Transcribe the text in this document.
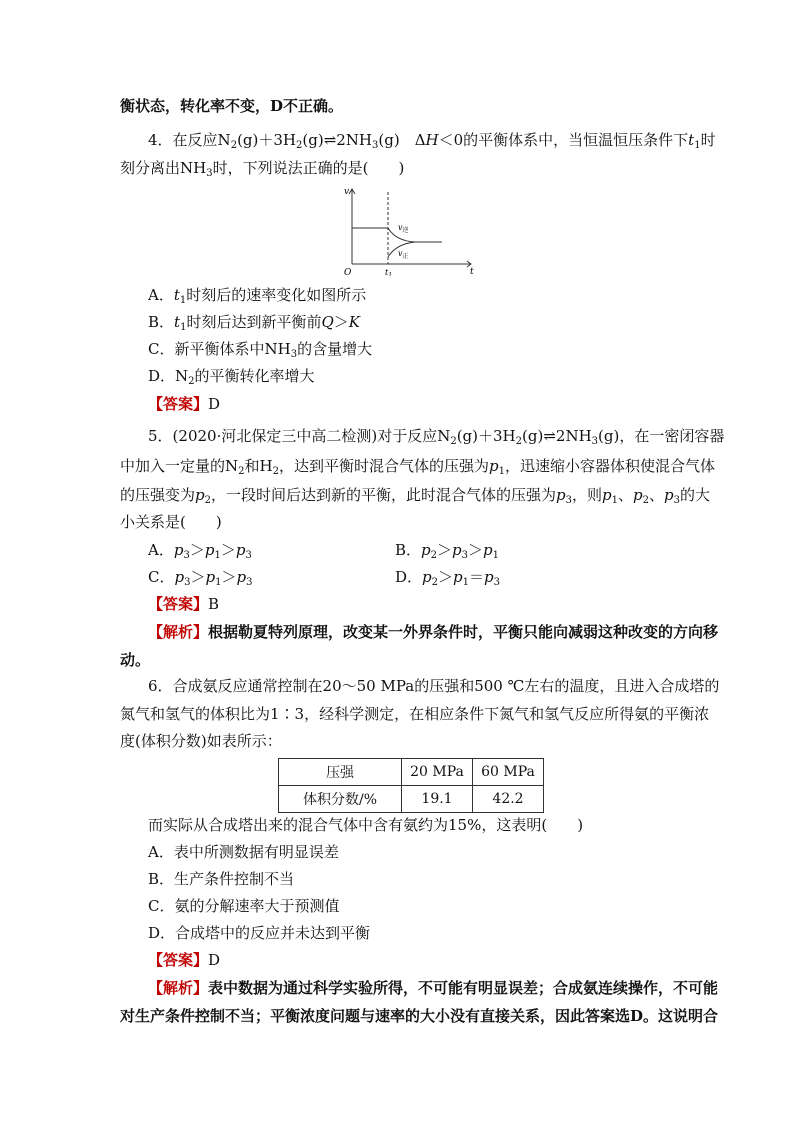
衡状态，转化率不变，D不正确。
4．在反应$N_2(g)+3H_2(g)\rightleftharpoons 2NH_3(g)$　ΔH＜0的平衡体系中，当恒温恒压条件下$t_1$时
刻分离出$NH_3$时，下列说法正确的是(　　)
v
t
O	$t_1$
$v_逆$
$v_正$
A．$t_1$时刻后的速率变化如图所示
B．$t_1$时刻后达到新平衡前Q＞K
C．新平衡体系中$NH_3$的含量增大
D．$N_2$的平衡转化率增大
【答案】D
5．(2020·河北保定三中高二检测)对于反应$N_2(g)+3H_2(g)\rightleftharpoons 2NH_3(g)$，在一密闭容器
中加入一定量的$N_2$和$H_2$，达到平衡时混合气体的压强为$p_1$，迅速缩小容器体积使混合气体
的压强变为$p_2$，一段时间后达到新的平衡，此时混合气体的压强为$p_3$，则$p_1$、$p_2$、$p_3$的大
小关系是(　　)
A．$p_3>p_1>p_3$	B．$p_2>p_3>p_1$
C．$p_3>p_1>p_3$	D．$p_2>p_1=p_3$
【答案】B
【解析】根据勒夏特列原理，改变某一外界条件时，平衡只能向减弱这种改变的方向移
动。
6．合成氨反应通常控制在20～50 MPa的压强和500 ℃左右的温度，且进入合成塔的
氮气和氢气的体积比为1∶3，经科学测定，在相应条件下氮气和氢气反应所得氨的平衡浓
度(体积分数)如表所示：
压强	20 MPa	60 MPa
体积分数/%	19.1	42.2
而实际从合成塔出来的混合气体中含有氨约为15%，这表明(　　)
A．表中所测数据有明显误差
B．生产条件控制不当
C．氨的分解速率大于预测值
D．合成塔中的反应并未达到平衡
【答案】D
【解析】表中数据为通过科学实验所得，不可能有明显误差；合成氨连续操作，不可能
对生产条件控制不当；平衡浓度问题与速率的大小没有直接关系，因此答案选D。这说明合
